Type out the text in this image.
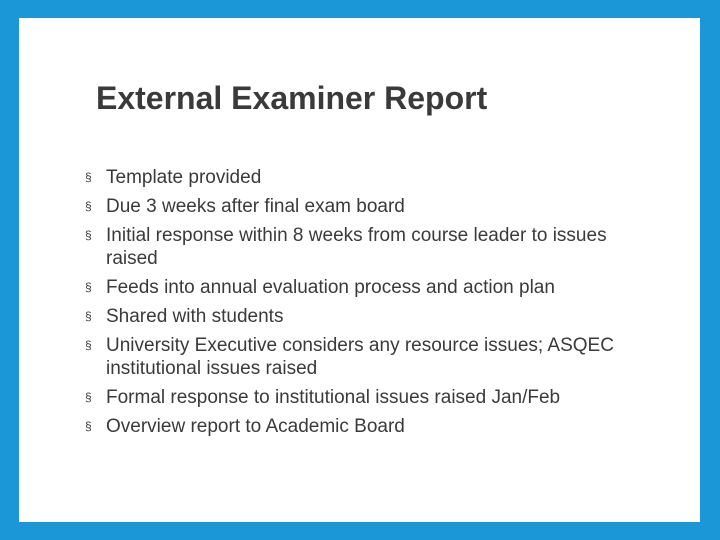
External Examiner Report
§ Template provided
§ Due 3 weeks after final exam board
§ Initial response within 8 weeks from course leader to issues raised
§ Feeds into annual evaluation process and action plan
§ Shared with students
§ University Executive considers any resource issues; ASQEC institutional issues raised
§ Formal response to institutional issues raised Jan/Feb
§ Overview report to Academic Board
